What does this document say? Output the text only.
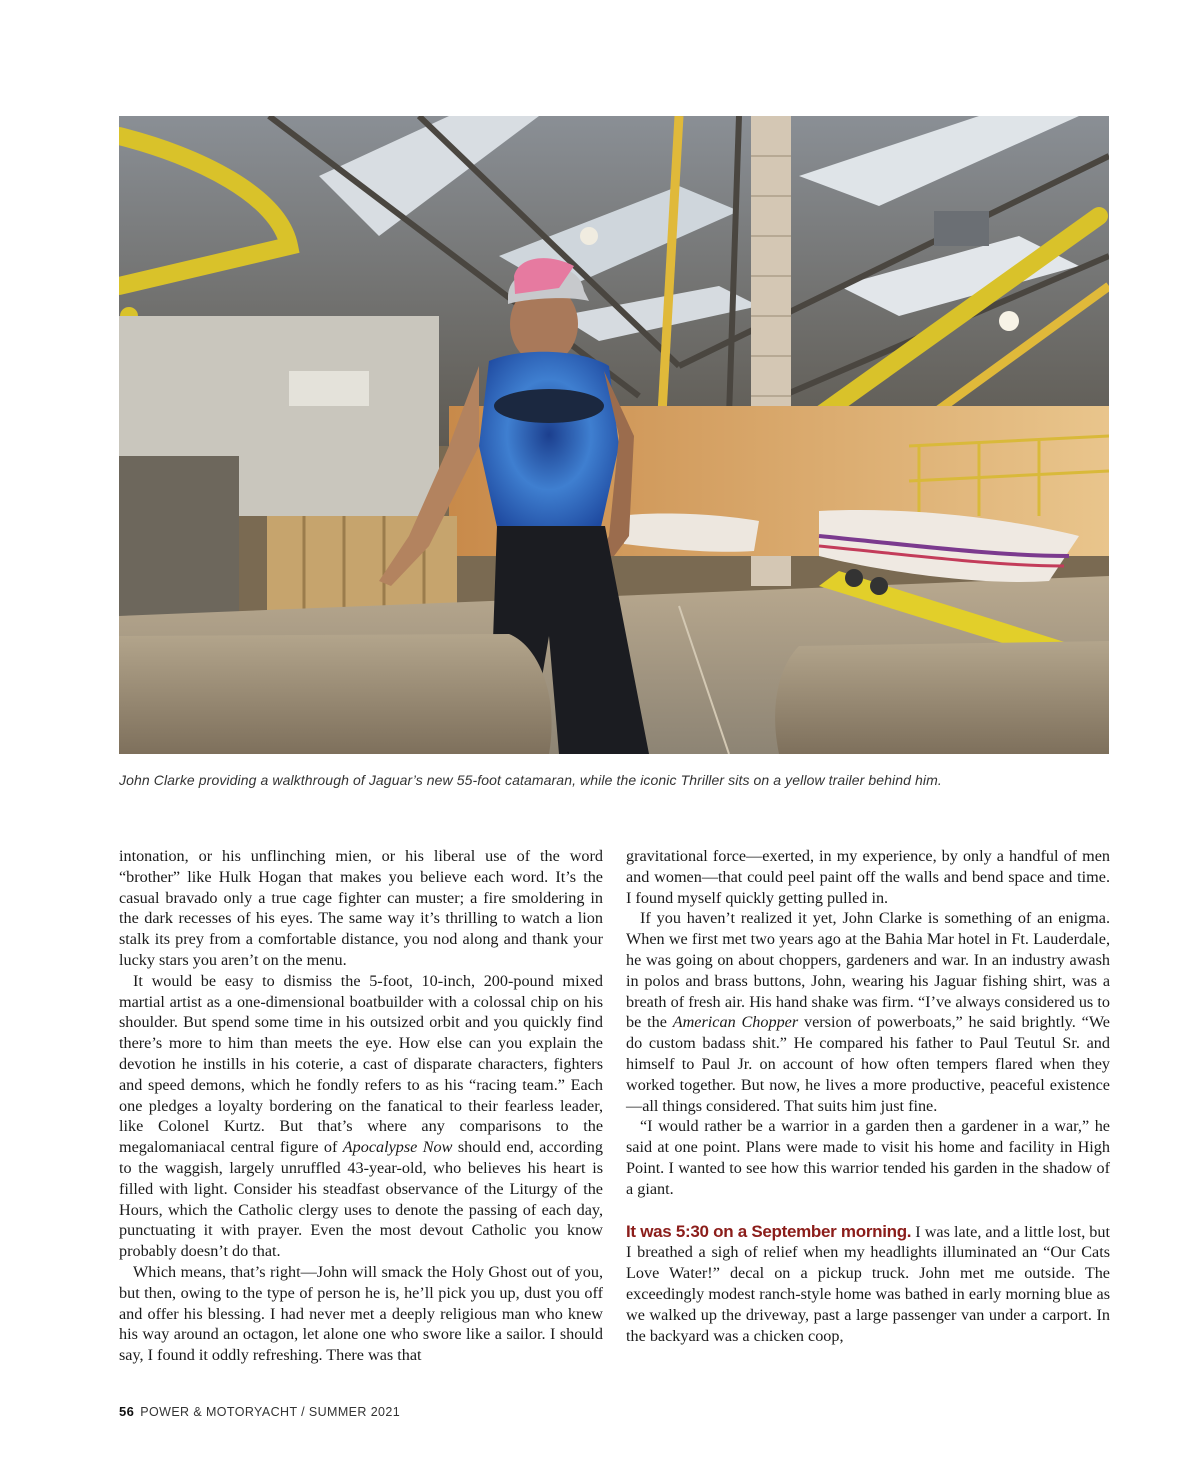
John Clarke providing a walkthrough of Jaguar’s new 55-foot catamaran, while the iconic Thriller sits on a yellow trailer behind him.

intonation, or his unflinching mien, or his liberal use of the word “brother” like Hulk Hogan that makes you believe each word. It’s the casual bravado only a true cage fighter can muster; a fire smoldering in the dark recesses of his eyes. The same way it’s thrilling to watch a lion stalk its prey from a comfortable distance, you nod along and thank your lucky stars you aren’t on the menu.

It would be easy to dismiss the 5-foot, 10-inch, 200-pound mixed martial artist as a one-dimensional boatbuilder with a colossal chip on his shoulder. But spend some time in his outsized orbit and you quickly find there’s more to him than meets the eye. How else can you explain the devotion he instills in his coterie, a cast of disparate characters, fighters and speed demons, which he fondly refers to as his “racing team.” Each one pledges a loyalty bordering on the fanatical to their fearless leader, like Colonel Kurtz. But that’s where any comparisons to the megalomaniacal central figure of Apocalypse Now should end, according to the waggish, largely unruffled 43-year-old, who believes his heart is filled with light. Consider his steadfast observance of the Liturgy of the Hours, which the Catholic clergy uses to denote the passing of each day, punctuating it with prayer. Even the most devout Catholic you know probably doesn’t do that.

Which means, that’s right—John will smack the Holy Ghost out of you, but then, owing to the type of person he is, he’ll pick you up, dust you off and offer his blessing. I had never met a deeply religious man who knew his way around an octagon, let alone one who swore like a sailor. I should say, I found it oddly refreshing. There was that

gravitational force—exerted, in my experience, by only a handful of men and women—that could peel paint off the walls and bend space and time. I found myself quickly getting pulled in.

If you haven’t realized it yet, John Clarke is something of an enigma. When we first met two years ago at the Bahia Mar hotel in Ft. Lauderdale, he was going on about choppers, gardeners and war. In an industry awash in polos and brass buttons, John, wearing his Jaguar fishing shirt, was a breath of fresh air. His hand shake was firm. “I’ve always considered us to be the American Chopper version of powerboats,” he said brightly. “We do custom badass shit.” He compared his father to Paul Teutul Sr. and himself to Paul Jr. on account of how often tempers flared when they worked together. But now, he lives a more productive, peaceful existence—all things considered. That suits him just fine.

“I would rather be a warrior in a garden then a gardener in a war,” he said at one point. Plans were made to visit his home and facility in High Point. I wanted to see how this warrior tended his garden in the shadow of a giant.

It was 5:30 on a September morning. I was late, and a little lost, but I breathed a sigh of relief when my headlights illuminated an “Our Cats Love Water!” decal on a pickup truck. John met me outside. The exceedingly modest ranch-style home was bathed in early morning blue as we walked up the driveway, past a large passenger van under a carport. In the backyard was a chicken coop,

56 POWER & MOTORYACHT / SUMMER 2021
